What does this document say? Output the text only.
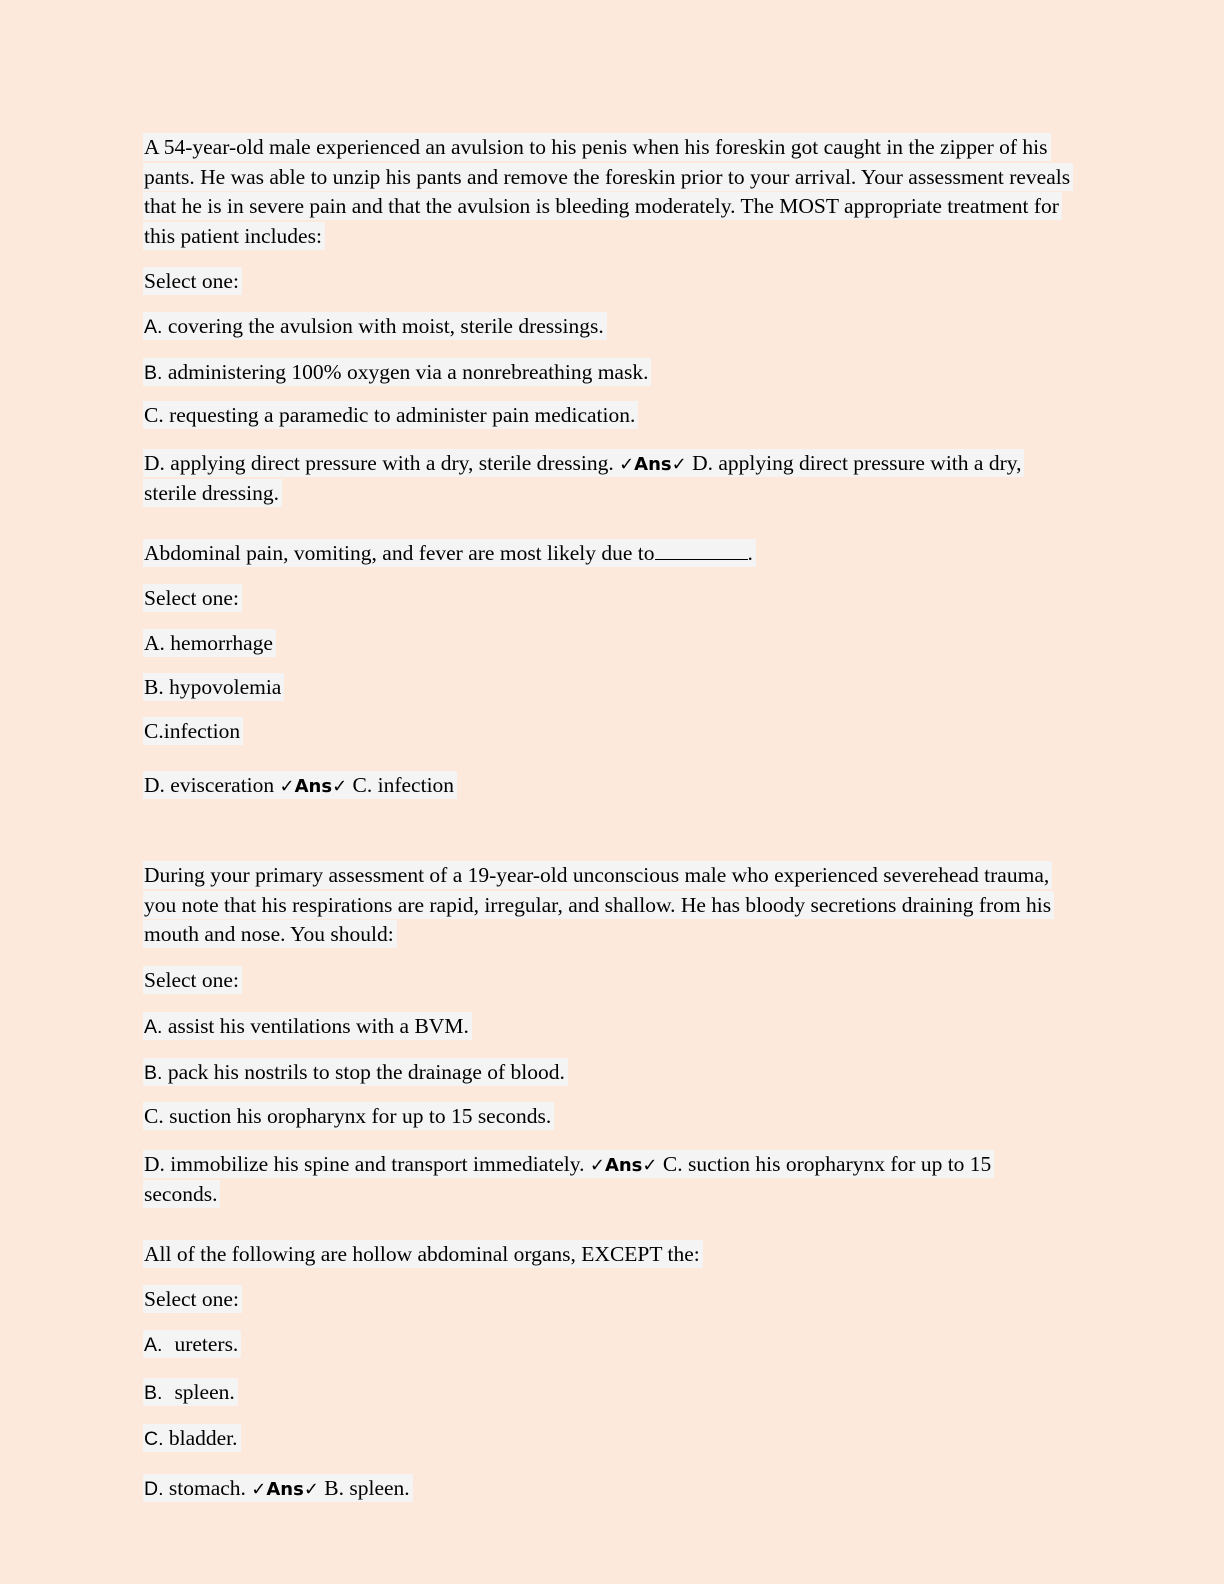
A 54-year-old male experienced an avulsion to his penis when his foreskin got caught in the zipper of his pants. He was able to unzip his pants and remove the foreskin prior to your arrival. Your assessment reveals that he is in severe pain and that the avulsion is bleeding moderately. The MOST appropriate treatment for this patient includes:

Select one:

A. covering the avulsion with moist, sterile dressings.

B. administering 100% oxygen via a nonrebreathing mask.

C. requesting a paramedic to administer pain medication.

D. applying direct pressure with a dry, sterile dressing. ✓Ans✓ D. applying direct pressure with a dry, sterile dressing.

Abdominal pain, vomiting, and fever are most likely due to	.

Select one:

A. hemorrhage

B. hypovolemia

C.infection

D. evisceration ✓Ans✓ C. infection

During your primary assessment of a 19-year-old unconscious male who experienced severehead trauma, you note that his respirations are rapid, irregular, and shallow. He has bloody secretions draining from his mouth and nose. You should:

Select one:

A. assist his ventilations with a BVM.

B. pack his nostrils to stop the drainage of blood.

C. suction his oropharynx for up to 15 seconds.

D. immobilize his spine and transport immediately. ✓Ans✓ C. suction his oropharynx for up to 15 seconds.

All of the following are hollow abdominal organs, EXCEPT the:

Select one:

A. ureters.

B. spleen.

C. bladder.

D. stomach. ✓Ans✓ B. spleen.
